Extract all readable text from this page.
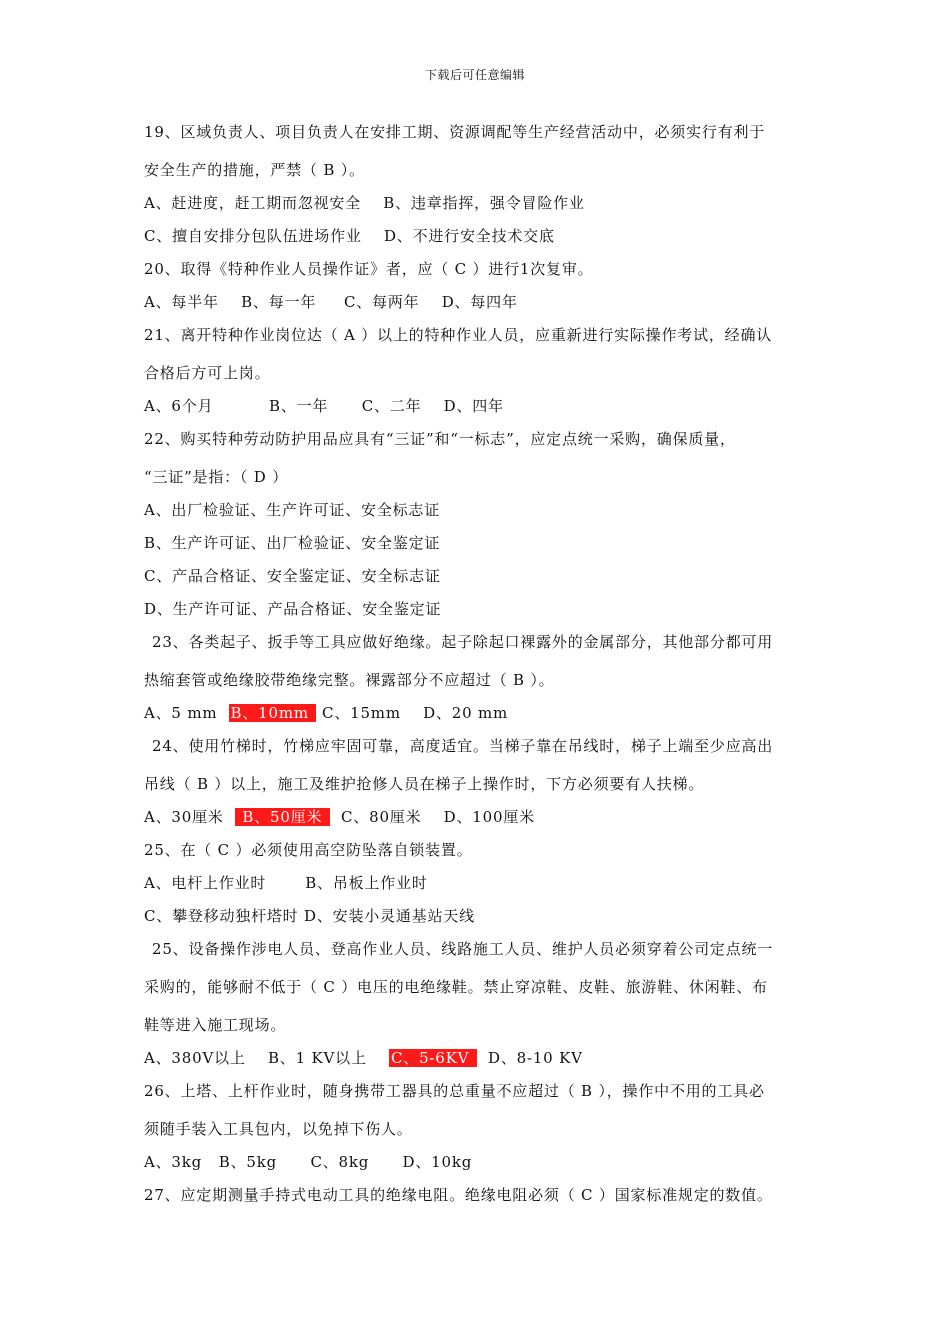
下载后可任意编辑
19、区域负责人、项目负责人在安排工期、资源调配等生产经营活动中，必须实行有利于
安全生产的措施，严禁（ B ）。
A、赶进度，赶工期而忽视安全    B、违章指挥，强令冒险作业
C、擅自安排分包队伍进场作业    D、不进行安全技术交底
20、取得《特种作业人员操作证》者，应（ C ）进行1次复审。
A、每半年    B、每一年     C、每两年    D、每四年
21、离开特种作业岗位达（ A ）以上的特种作业人员，应重新进行实际操作考试，经确认
合格后方可上岗。
A、6个月          B、一年      C、二年    D、四年
22、购买特种劳动防护用品应具有“三证”和“一标志”，应定点统一采购，确保质量，
“三证”是指：（ D ）
A、出厂检验证、生产许可证、安全标志证
B、生产许可证、出厂检验证、安全鉴定证
C、产品合格证、安全鉴定证、安全标志证
D、生产许可证、产品合格证、安全鉴定证
23、各类起子、扳手等工具应做好绝缘。起子除起口裸露外的金属部分，其他部分都可用
热缩套管或绝缘胶带绝缘完整。裸露部分不应超过（ B ）。
A、5 mm  B、10mm  C、15mm    D、20 mm
24、使用竹梯时，竹梯应牢固可靠，高度适宜。当梯子靠在吊线时，梯子上端至少应高出
吊线（ B ）以上，施工及维护抢修人员在梯子上操作时，下方必须要有人扶梯。
A、30厘米   B、50厘米   C、80厘米    D、100厘米
25、在（ C ）必须使用高空防坠落自锁装置。
A、电杆上作业时       B、吊板上作业时
C、攀登移动独杆塔时 D、安装小灵通基站天线
25、设备操作涉电人员、登高作业人员、线路施工人员、维护人员必须穿着公司定点统一
采购的，能够耐不低于（ C ）电压的电绝缘鞋。禁止穿凉鞋、皮鞋、旅游鞋、休闲鞋、布
鞋等进入施工现场。
A、380V以上    B、1 KV以上    C、5-6KV   D、8-10 KV
26、上塔、上杆作业时，随身携带工器具的总重量不应超过（ B ），操作中不用的工具必
须随手装入工具包内，以免掉下伤人。
A、3kg   B、5kg      C、8kg      D、10kg
27、应定期测量手持式电动工具的绝缘电阻。绝缘电阻必须（ C ）国家标准规定的数值。
